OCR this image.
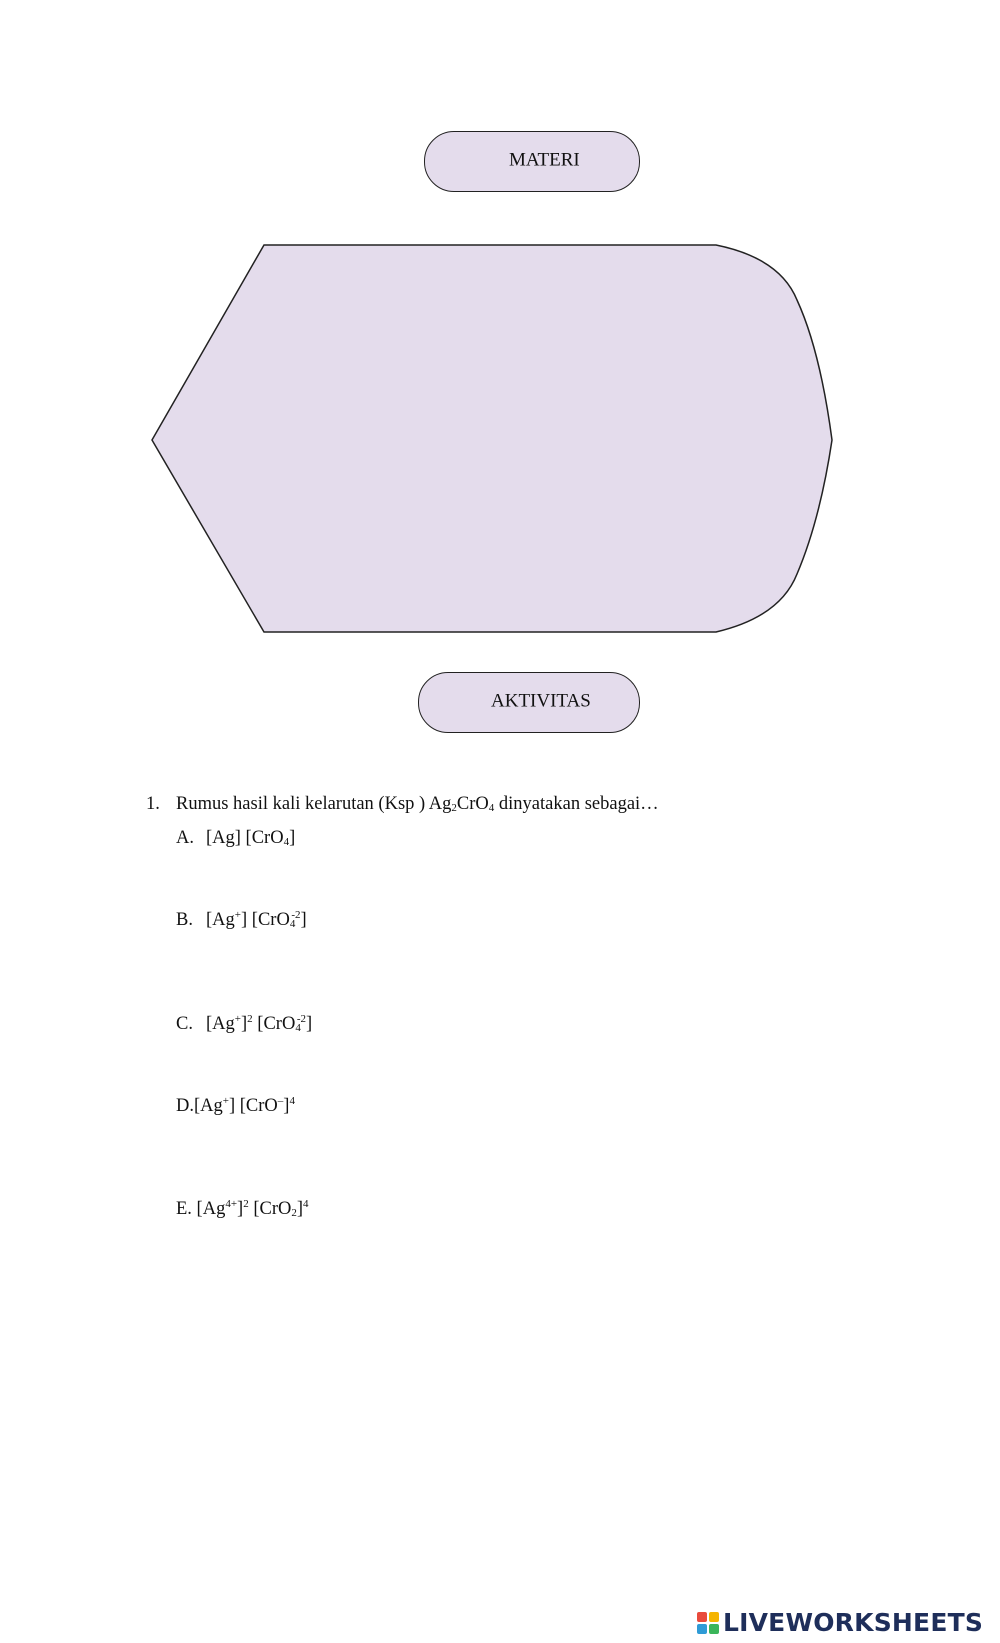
MATERI
AKTIVITAS
1. Rumus hasil kali kelarutan (Ksp ) $Ag_2CrO_4$ dinyatakan sebagai…
A. [Ag] [CrO$_4$]
B. [Ag+] [CrO$_4^{-2}$]
C. $[Ag^+]^2$ [CrO$_4^{-2}$]
D.[Ag+] $[CrO^-]^4$
E. $[Ag^{4+}]^2$ $[CrO_2]^4$
LIVEWORKSHEETS
